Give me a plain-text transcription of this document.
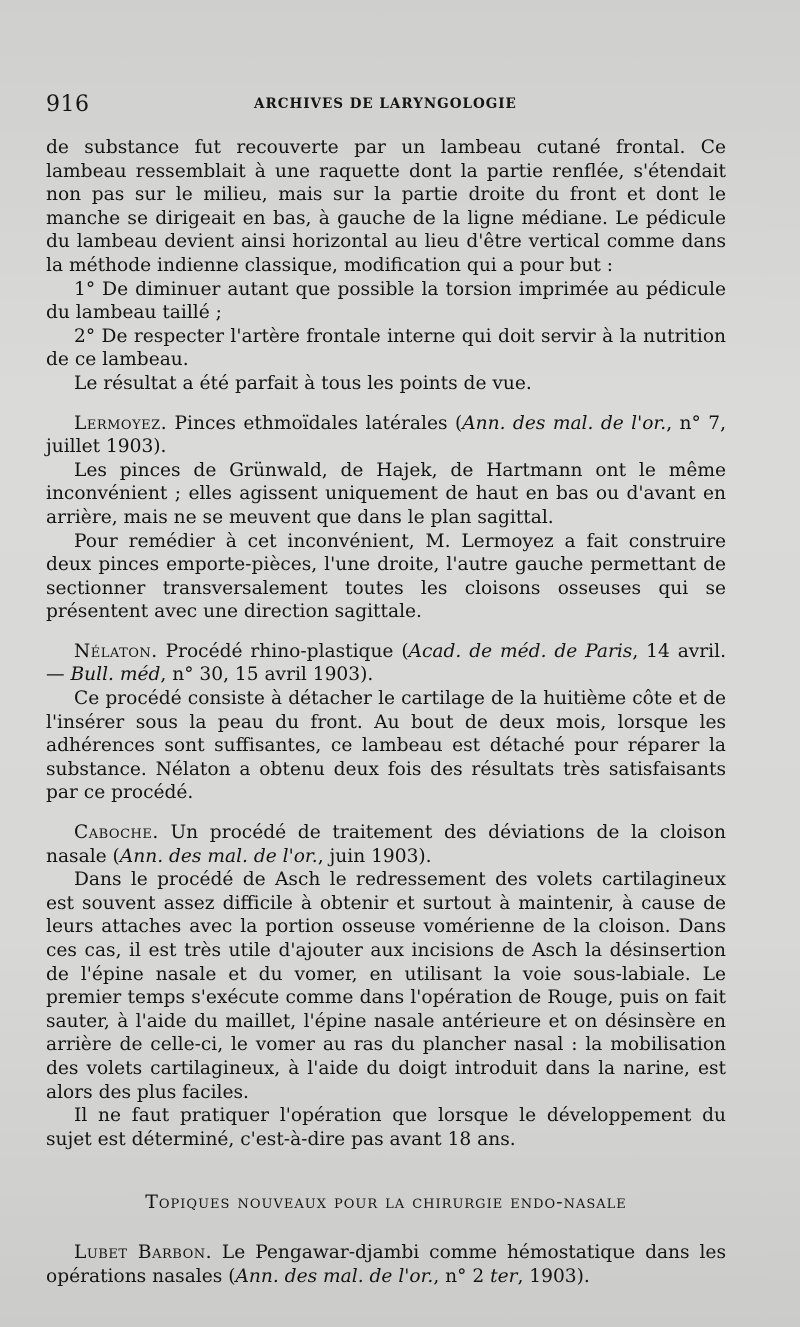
916	ARCHIVES DE LARYNGOLOGIE

de substance fut recouverte par un lambeau cutané frontal. Ce lambeau ressemblait à une raquette dont la partie renflée, s'étendait non pas sur le milieu, mais sur la partie droite du front et dont le manche se dirigeait en bas, à gauche de la ligne médiane. Le pédicule du lambeau devient ainsi horizontal au lieu d'être vertical comme dans la méthode indienne classique, modification qui a pour but :

1° De diminuer autant que possible la torsion imprimée au pédicule du lambeau taillé ;

2° De respecter l'artère frontale interne qui doit servir à la nutrition de ce lambeau.

Le résultat a été parfait à tous les points de vue.

Lermoyez. Pinces ethmoïdales latérales (Ann. des mal. de l'or., n° 7, juillet 1903).

Les pinces de Grünwald, de Hajek, de Hartmann ont le même inconvénient ; elles agissent uniquement de haut en bas ou d'avant en arrière, mais ne se meuvent que dans le plan sagittal.

Pour remédier à cet inconvénient, M. Lermoyez a fait construire deux pinces emporte-pièces, l'une droite, l'autre gauche permettant de sectionner transversalement toutes les cloisons osseuses qui se présentent avec une direction sagittale.

Nélaton. Procédé rhino-plastique (Acad. de méd. de Paris, 14 avril. — Bull. méd, n° 30, 15 avril 1903).

Ce procédé consiste à détacher le cartilage de la huitième côte et de l'insérer sous la peau du front. Au bout de deux mois, lorsque les adhérences sont suffisantes, ce lambeau est détaché pour réparer la substance. Nélaton a obtenu deux fois des résultats très satisfaisants par ce procédé.

Caboche. Un procédé de traitement des déviations de la cloison nasale (Ann. des mal. de l'or., juin 1903).

Dans le procédé de Asch le redressement des volets cartilagineux est souvent assez difficile à obtenir et surtout à maintenir, à cause de leurs attaches avec la portion osseuse vomérienne de la cloison. Dans ces cas, il est très utile d'ajouter aux incisions de Asch la désinsertion de l'épine nasale et du vomer, en utilisant la voie sous-labiale. Le premier temps s'exécute comme dans l'opération de Rouge, puis on fait sauter, à l'aide du maillet, l'épine nasale antérieure et on désinsère en arrière de celle-ci, le vomer au ras du plancher nasal : la mobilisation des volets cartilagineux, à l'aide du doigt introduit dans la narine, est alors des plus faciles.

Il ne faut pratiquer l'opération que lorsque le développement du sujet est déterminé, c'est-à-dire pas avant 18 ans.

Topiques nouveaux pour la chirurgie endo-nasale

Lubet Barbon. Le Pengawar-djambi comme hémostatique dans les opérations nasales (Ann. des mal. de l'or., n° 2 ter, 1903).
